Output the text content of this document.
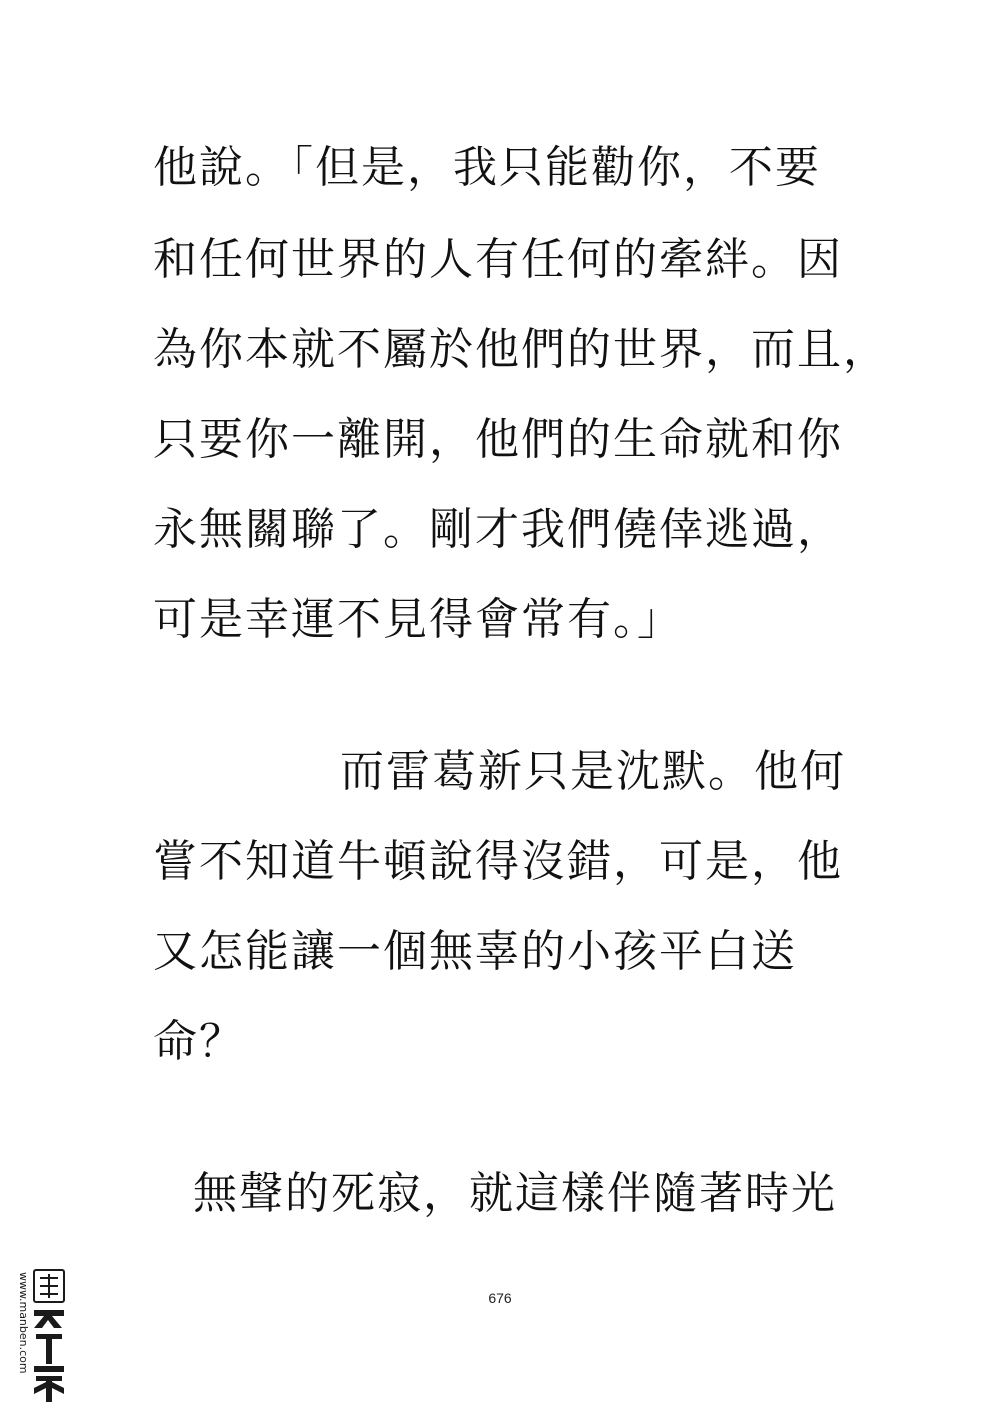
他說。「但是，我只能勸你，不要
和任何世界的人有任何的牽絆。因
為你本就不屬於他們的世界，而且，
只要你一離開，他們的生命就和你
永無關聯了。剛才我們僥倖逃過，
可是幸運不見得會常有。」
而雷葛新只是沈默。他何
嘗不知道牛頓說得沒錯，可是，他
又怎能讓一個無辜的小孩平白送
命？
無聲的死寂，就這樣伴隨著時光
676
www.manben.com
